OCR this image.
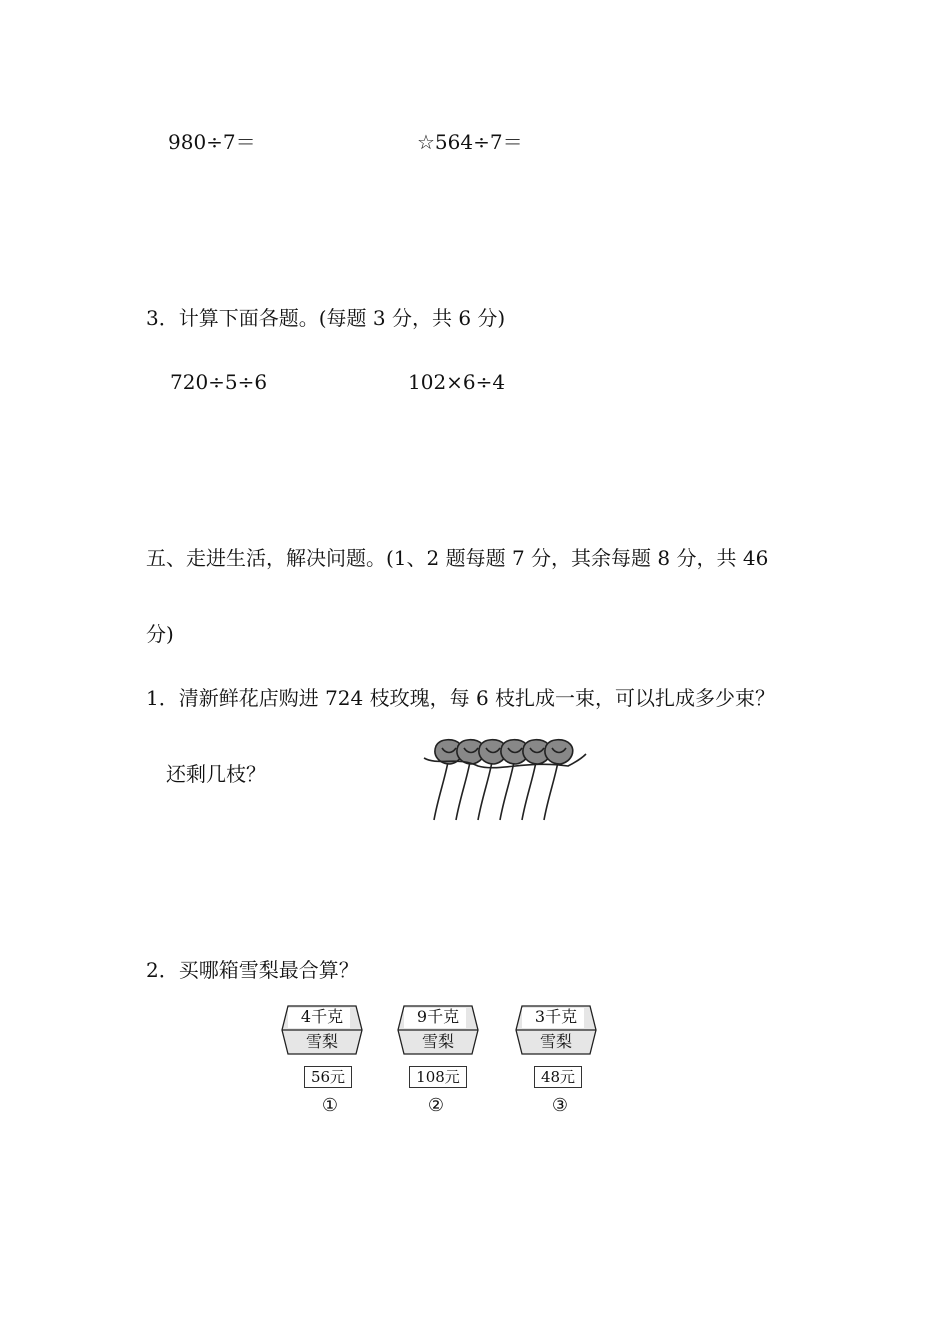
980÷7＝	☆564÷7＝
3．计算下面各题。(每题 3 分，共 6 分)
720÷5÷6	102×6÷4
五、走进生活，解决问题。(1、2 题每题 7 分，其余每题 8 分，共 46
分)
1．清新鲜花店购进 724 枝玫瑰，每 6 枝扎成一束，可以扎成多少束？
还剩几枝？
2．买哪箱雪梨最合算？
4千克
雪梨
56元
①
9千克
雪梨
108元
②
3千克
雪梨
48元
③
